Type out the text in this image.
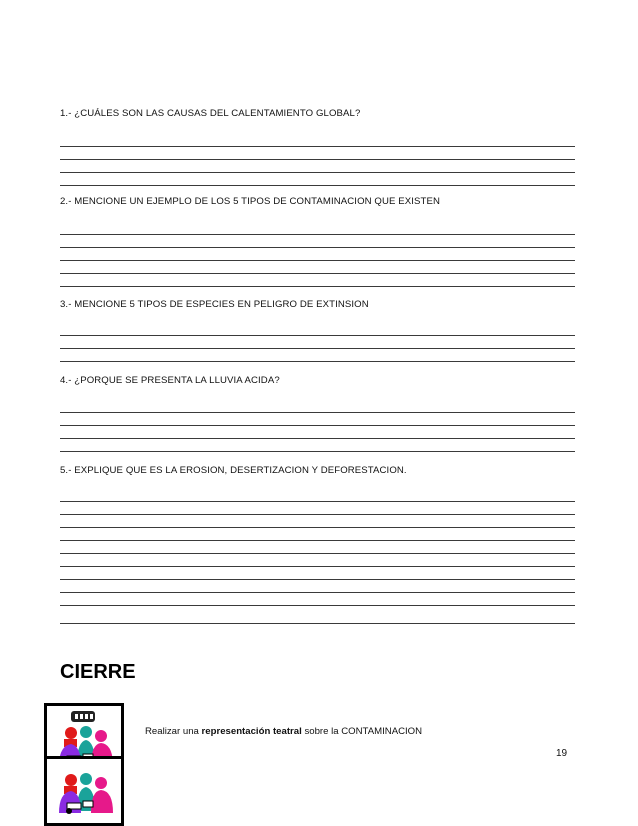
1.- ¿CUÁLES SON LAS CAUSAS DEL CALENTAMIENTO GLOBAL?
2.- MENCIONE UN EJEMPLO DE LOS 5 TIPOS DE CONTAMINACION QUE EXISTEN
3.- MENCIONE 5 TIPOS DE ESPECIES EN PELIGRO DE EXTINSION
4.- ¿PORQUE SE PRESENTA LA LLUVIA ACIDA?
5.- EXPLIQUE QUE ES LA EROSION, DESERTIZACION Y DEFORESTACION.
CIERRE
Realizar una representación teatral sobre la CONTAMINACION
19
